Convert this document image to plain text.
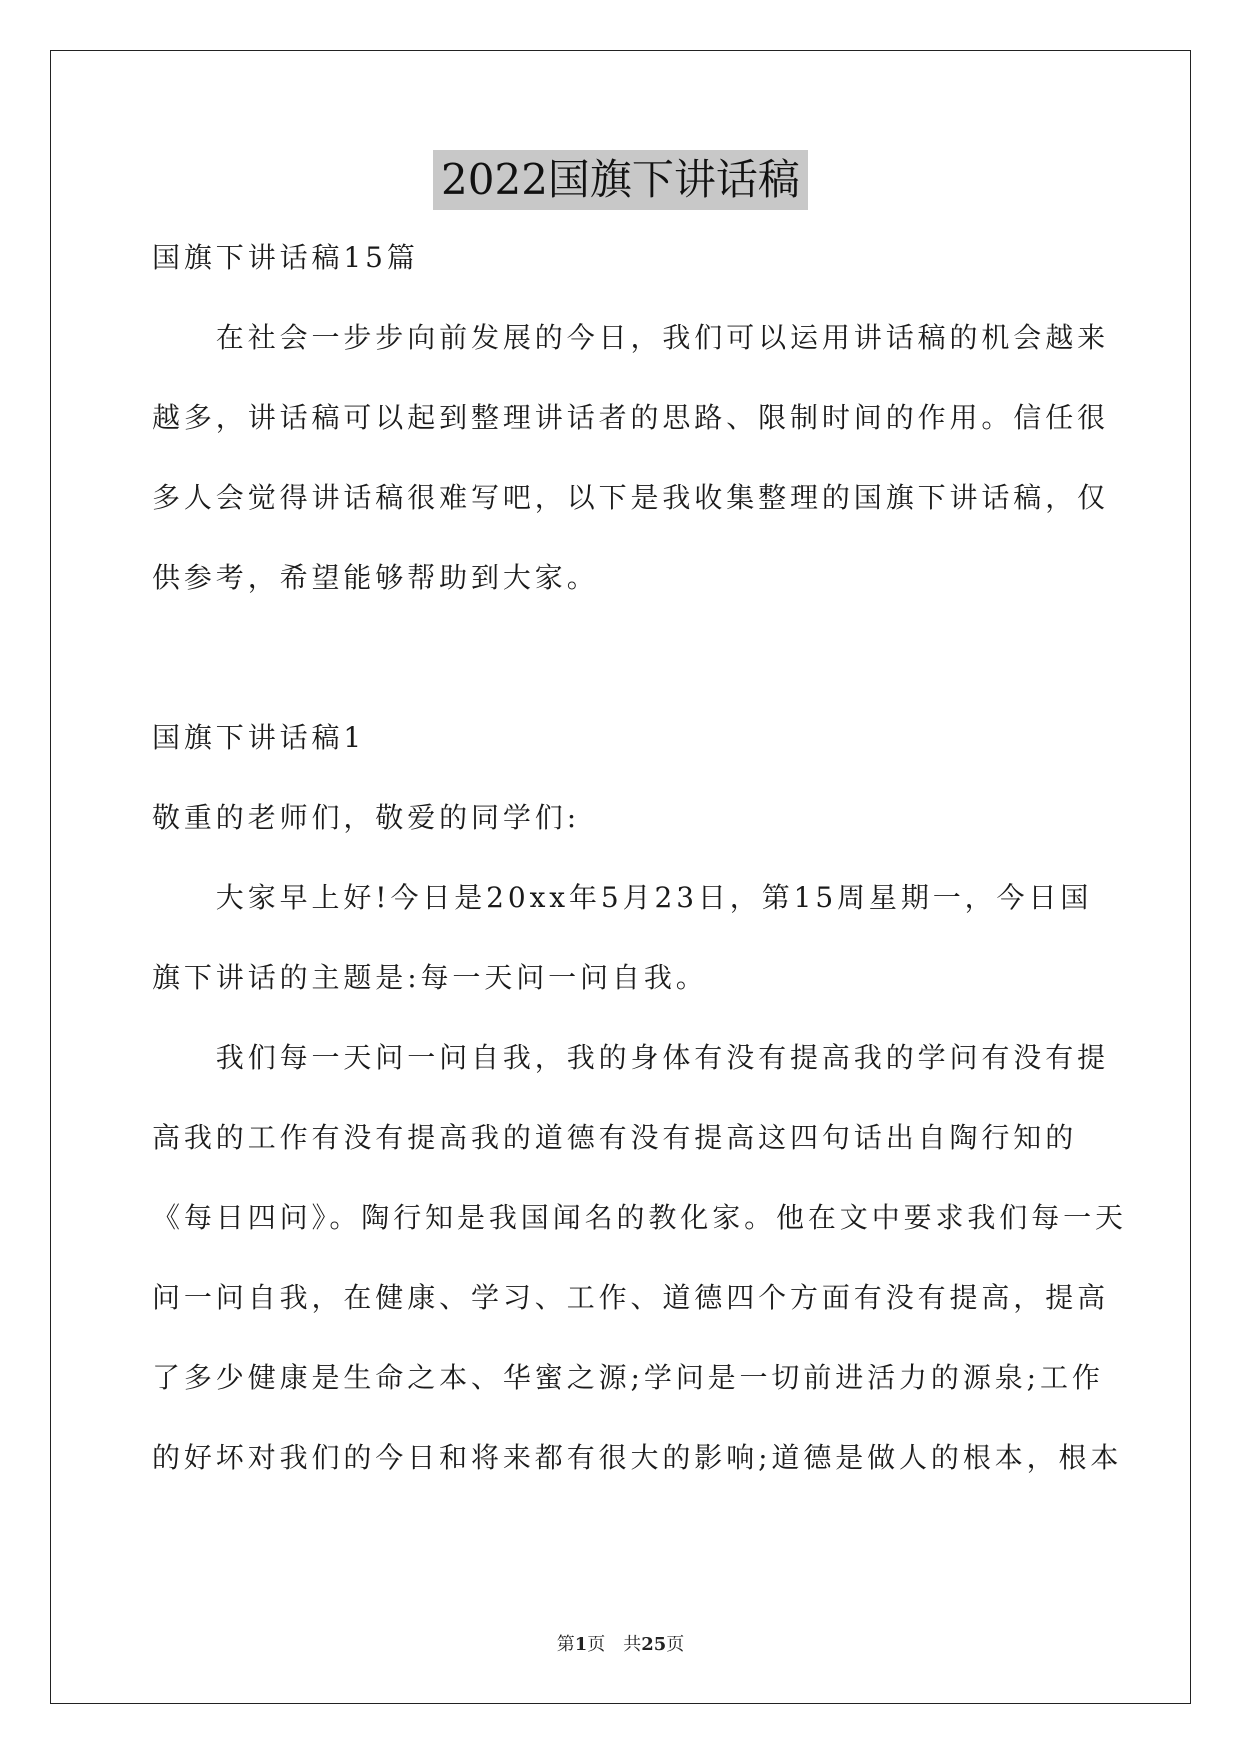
2022国旗下讲话稿
国旗下讲话稿15篇
　　在社会一步步向前发展的今日，我们可以运用讲话稿的机会越来
越多，讲话稿可以起到整理讲话者的思路、限制时间的作用。信任很
多人会觉得讲话稿很难写吧，以下是我收集整理的国旗下讲话稿，仅
供参考，希望能够帮助到大家。
国旗下讲话稿1
敬重的老师们，敬爱的同学们:
　　大家早上好!今日是20xx年5月23日，第15周星期一，今日国
旗下讲话的主题是:每一天问一问自我。
　　我们每一天问一问自我，我的身体有没有提高我的学问有没有提
高我的工作有没有提高我的道德有没有提高这四句话出自陶行知的
《每日四问》。陶行知是我国闻名的教化家。他在文中要求我们每一天
问一问自我，在健康、学习、工作、道德四个方面有没有提高，提高
了多少健康是生命之本、华蜜之源;学问是一切前进活力的源泉;工作
的好坏对我们的今日和将来都有很大的影响;道德是做人的根本，根本
第1页　 共25页
